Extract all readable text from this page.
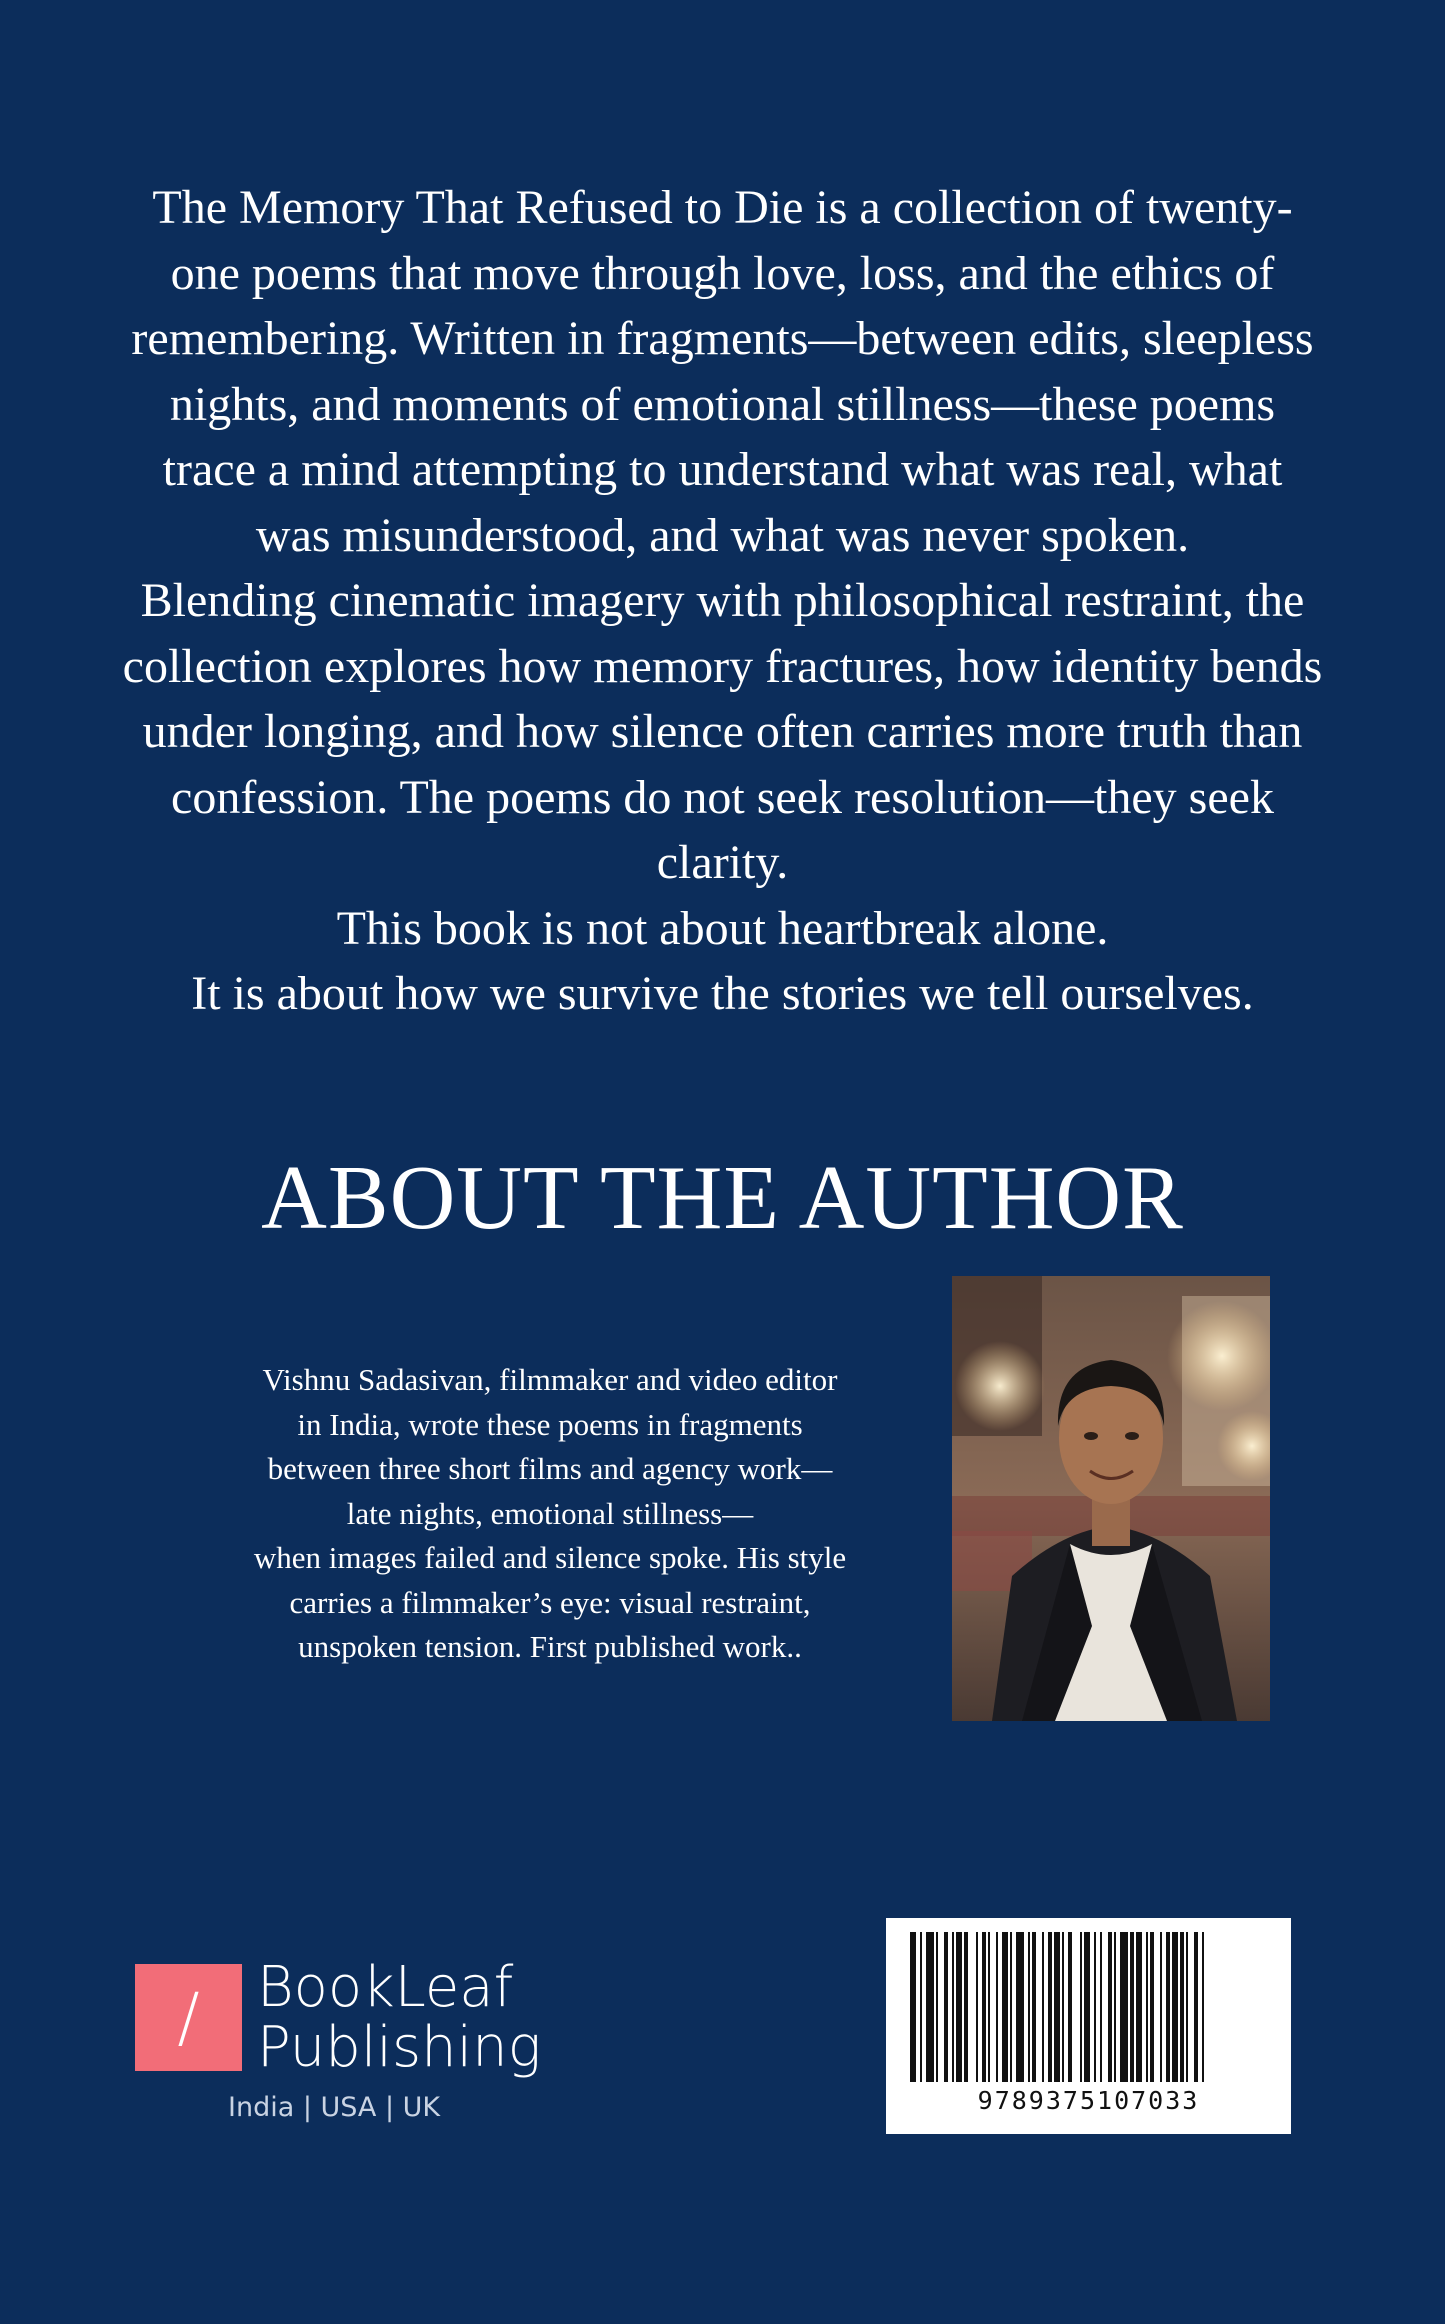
The Memory That Refused to Die is a collection of twenty-one poems that move through love, loss, and the ethics of remembering. Written in fragments—between edits, sleepless nights, and moments of emotional stillness—these poems trace a mind attempting to understand what was real, what was misunderstood, and what was never spoken.

Blending cinematic imagery with philosophical restraint, the collection explores how memory fractures, how identity bends under longing, and how silence often carries more truth than confession. The poems do not seek resolution—they seek clarity.

This book is not about heartbreak alone.

It is about how we survive the stories we tell ourselves.

ABOUT THE AUTHOR
Vishnu Sadasivan, filmmaker and video editor
in India, wrote these poems in fragments
between three short films and agency work—
late nights, emotional stillness—
when images failed and silence spoke. His style
carries a filmmaker’s eye: visual restraint,
unspoken tension. First published work..
/	BookLeaf
Publishing
India | USA | UK	9789375107033
